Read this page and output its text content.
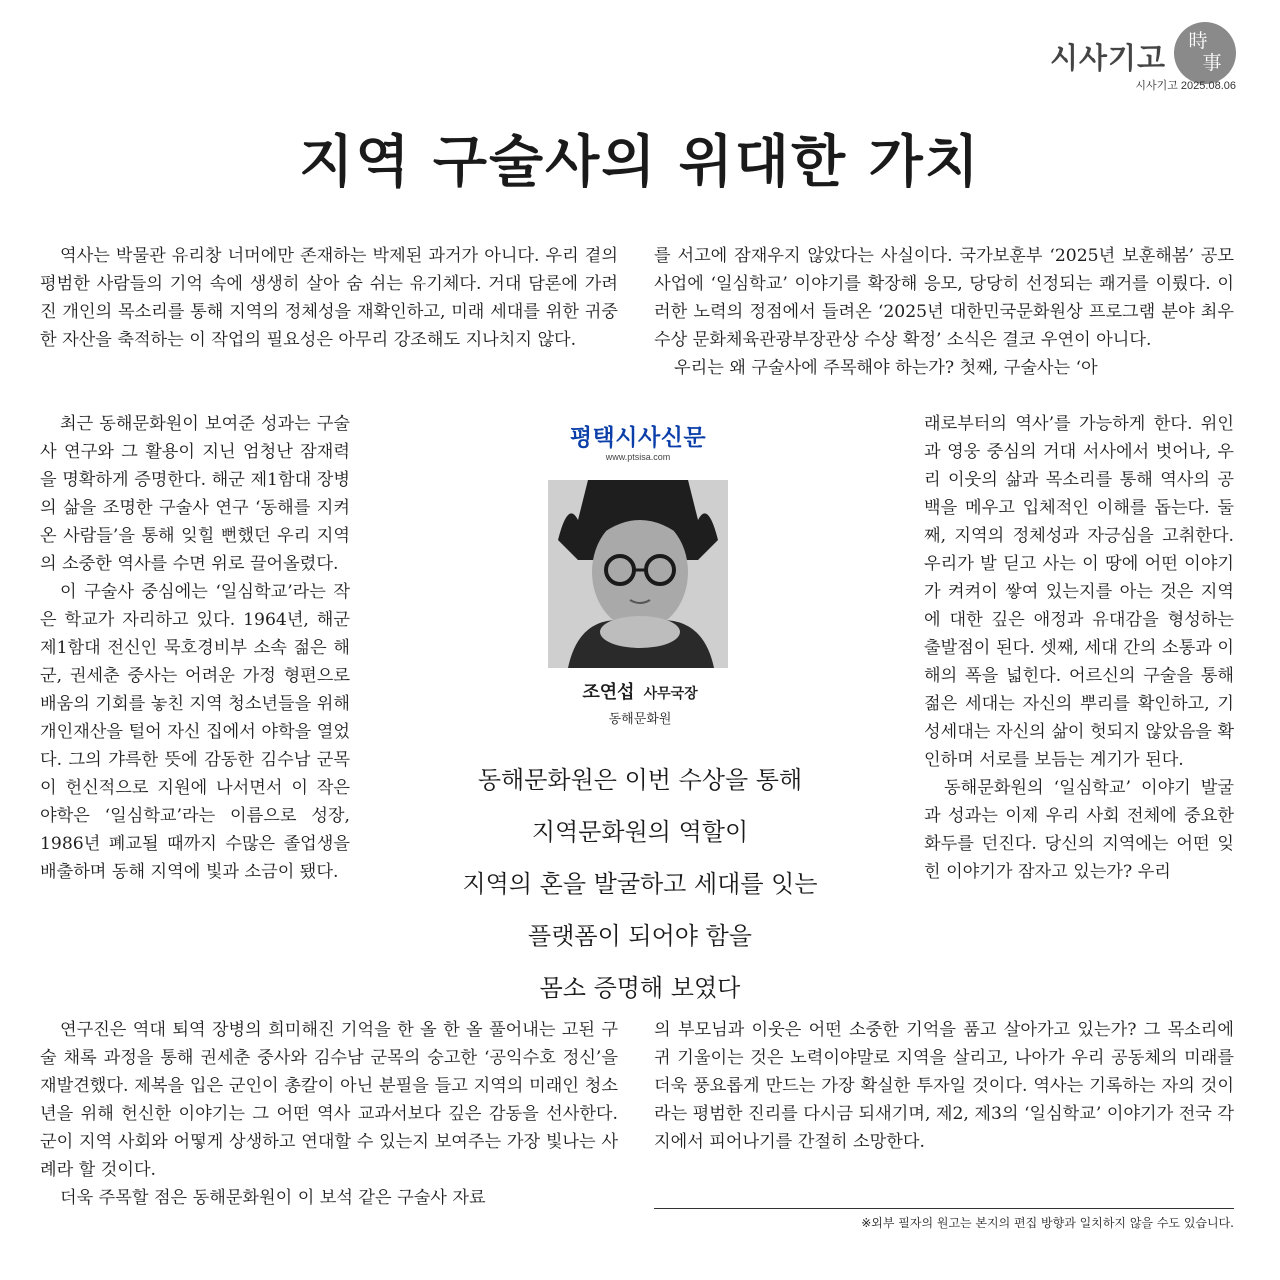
시사기고	時
事
시사기고 2025.08.06
지역 구술사의 위대한 가치

역사는 박물관 유리창 너머에만 존재하는 박제된 과거가 아니다. 우리 곁의 평범한 사람들의 기억 속에 생생히 살아 숨 쉬는 유기체다. 거대 담론에 가려진 개인의 목소리를 통해 지역의 정체성을 재확인하고, 미래 세대를 위한 귀중한 자산을 축적하는 이 작업의 필요성은 아무리 강조해도 지나치지 않다.

최근 동해문화원이 보여준 성과는 구술사 연구와 그 활용이 지닌 엄청난 잠재력을 명확하게 증명한다. 해군 제1함대 장병의 삶을 조명한 구술사 연구 ‘동해를 지켜온 사람들’을 통해 잊힐 뻔했던 우리 지역의 소중한 역사를 수면 위로 끌어올렸다.

이 구술사 중심에는 ‘일심학교’라는 작은 학교가 자리하고 있다. 1964년, 해군 제1함대 전신인 묵호경비부 소속 젊은 해군, 권세춘 중사는 어려운 가정 형편으로 배움의 기회를 놓친 지역 청소년들을 위해 개인재산을 털어 자신 집에서 야학을 열었다. 그의 갸륵한 뜻에 감동한 김수남 군목이 헌신적으로 지원에 나서면서 이 작은 야학은 ‘일심학교’라는 이름으로 성장, 1986년 폐교될 때까지 수많은 졸업생을 배출하며 동해 지역에 빛과 소금이 됐다.

연구진은 역대 퇴역 장병의 희미해진 기억을 한 올 한 올 풀어내는 고된 구술 채록 과정을 통해 권세춘 중사와 김수남 군목의 숭고한 ‘공익수호 정신’을 재발견했다. 제복을 입은 군인이 총칼이 아닌 분필을 들고 지역의 미래인 청소년을 위해 헌신한 이야기는 그 어떤 역사 교과서보다 깊은 감동을 선사한다. 군이 지역 사회와 어떻게 상생하고 연대할 수 있는지 보여주는 가장 빛나는 사례라 할 것이다.

더욱 주목할 점은 동해문화원이 이 보석 같은 구술사 자료

를 서고에 잠재우지 않았다는 사실이다. 국가보훈부 ‘2025년 보훈해봄’ 공모사업에 ‘일심학교’ 이야기를 확장해 응모, 당당히 선정되는 쾌거를 이뤘다. 이러한 노력의 정점에서 들려온 ‘2025년 대한민국문화원상 프로그램 분야 최우수상 문화체육관광부장관상 수상 확정’ 소식은 결코 우연이 아니다.

우리는 왜 구술사에 주목해야 하는가? 첫째, 구술사는 ‘아

래로부터의 역사’를 가능하게 한다. 위인과 영웅 중심의 거대 서사에서 벗어나, 우리 이웃의 삶과 목소리를 통해 역사의 공백을 메우고 입체적인 이해를 돕는다. 둘째, 지역의 정체성과 자긍심을 고취한다. 우리가 발 딛고 사는 이 땅에 어떤 이야기가 켜켜이 쌓여 있는지를 아는 것은 지역에 대한 깊은 애정과 유대감을 형성하는 출발점이 된다. 셋째, 세대 간의 소통과 이해의 폭을 넓힌다. 어르신의 구술을 통해 젊은 세대는 자신의 뿌리를 확인하고, 기성세대는 자신의 삶이 헛되지 않았음을 확인하며 서로를 보듬는 계기가 된다.

동해문화원의 ‘일심학교’ 이야기 발굴과 성과는 이제 우리 사회 전체에 중요한 화두를 던진다. 당신의 지역에는 어떤 잊힌 이야기가 잠자고 있는가? 우리

의 부모님과 이웃은 어떤 소중한 기억을 품고 살아가고 있는가? 그 목소리에 귀 기울이는 것은 노력이야말로 지역을 살리고, 나아가 우리 공동체의 미래를 더욱 풍요롭게 만드는 가장 확실한 투자일 것이다. 역사는 기록하는 자의 것이라는 평범한 진리를 다시금 되새기며, 제2, 제3의 ‘일심학교’ 이야기가 전국 각지에서 피어나기를 간절히 소망한다.

평택시사신문
www.ptsisa.com
조연섭 사무국장
동해문화원
동해문화원은 이번 수상을 통해
지역문화원의 역할이
지역의 혼을 발굴하고 세대를 잇는
플랫폼이 되어야 함을
몸소 증명해 보였다
※외부 필자의 원고는 본지의 편집 방향과 일치하지 않을 수도 있습니다.
